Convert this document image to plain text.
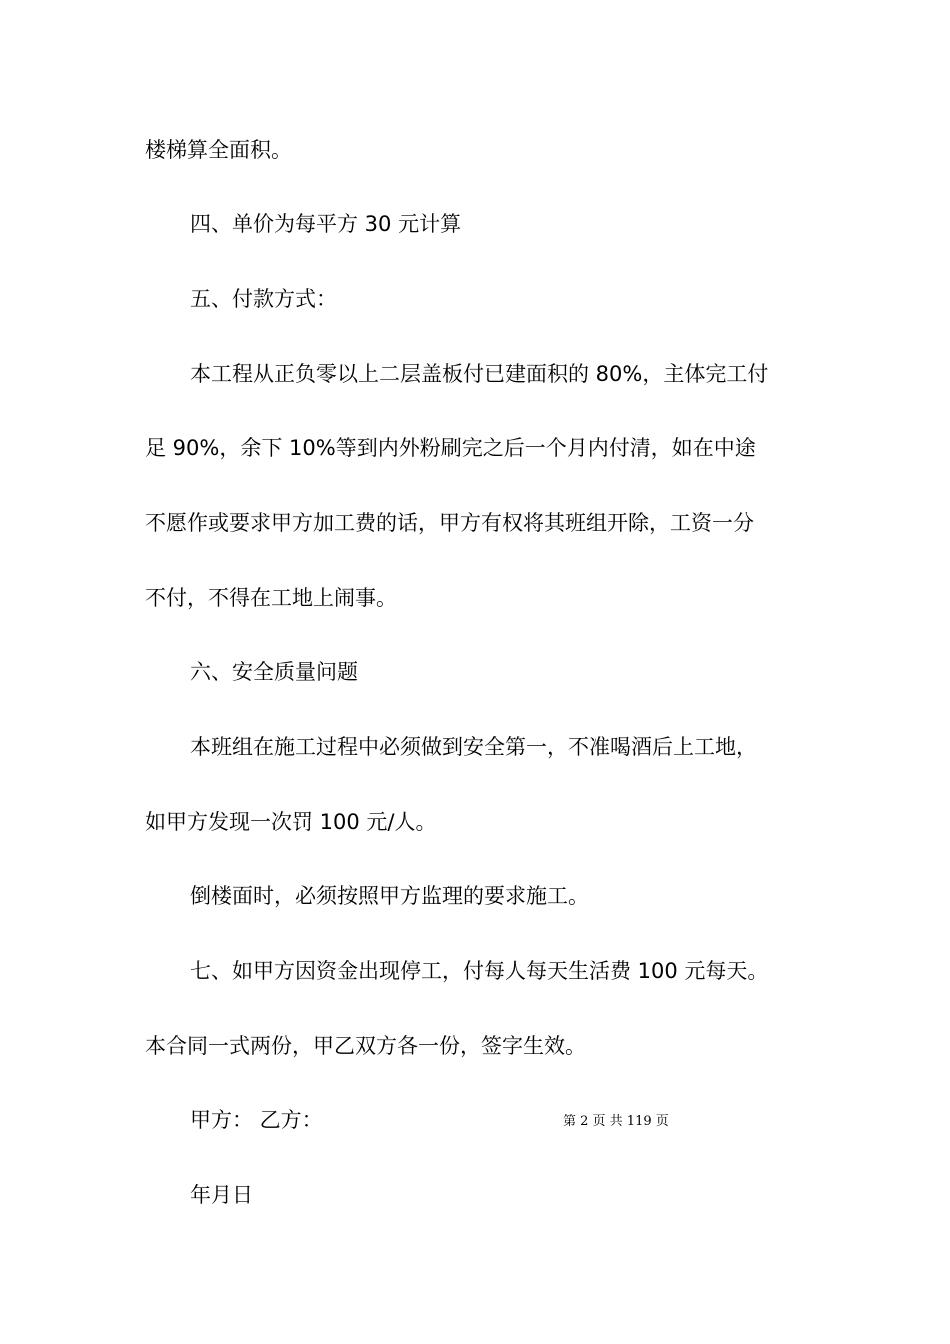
楼梯算全面积。
四、单价为每平方 30 元计算
五、付款方式：
本工程从正负零以上二层盖板付已建面积的 80%，主体完工付
足 90%，余下 10%等到内外粉刷完之后一个月内付清，如在中途
不愿作或要求甲方加工费的话，甲方有权将其班组开除，工资一分
不付，不得在工地上闹事。
六、安全质量问题
本班组在施工过程中必须做到安全第一，不准喝酒后上工地，
如甲方发现一次罚 100 元/人。
倒楼面时，必须按照甲方监理的要求施工。
七、如甲方因资金出现停工，付每人每天生活费 100 元每天。
本合同一式两份，甲乙双方各一份，签字生效。
甲方： 乙方：
年月日
第 2 页 共 119 页
